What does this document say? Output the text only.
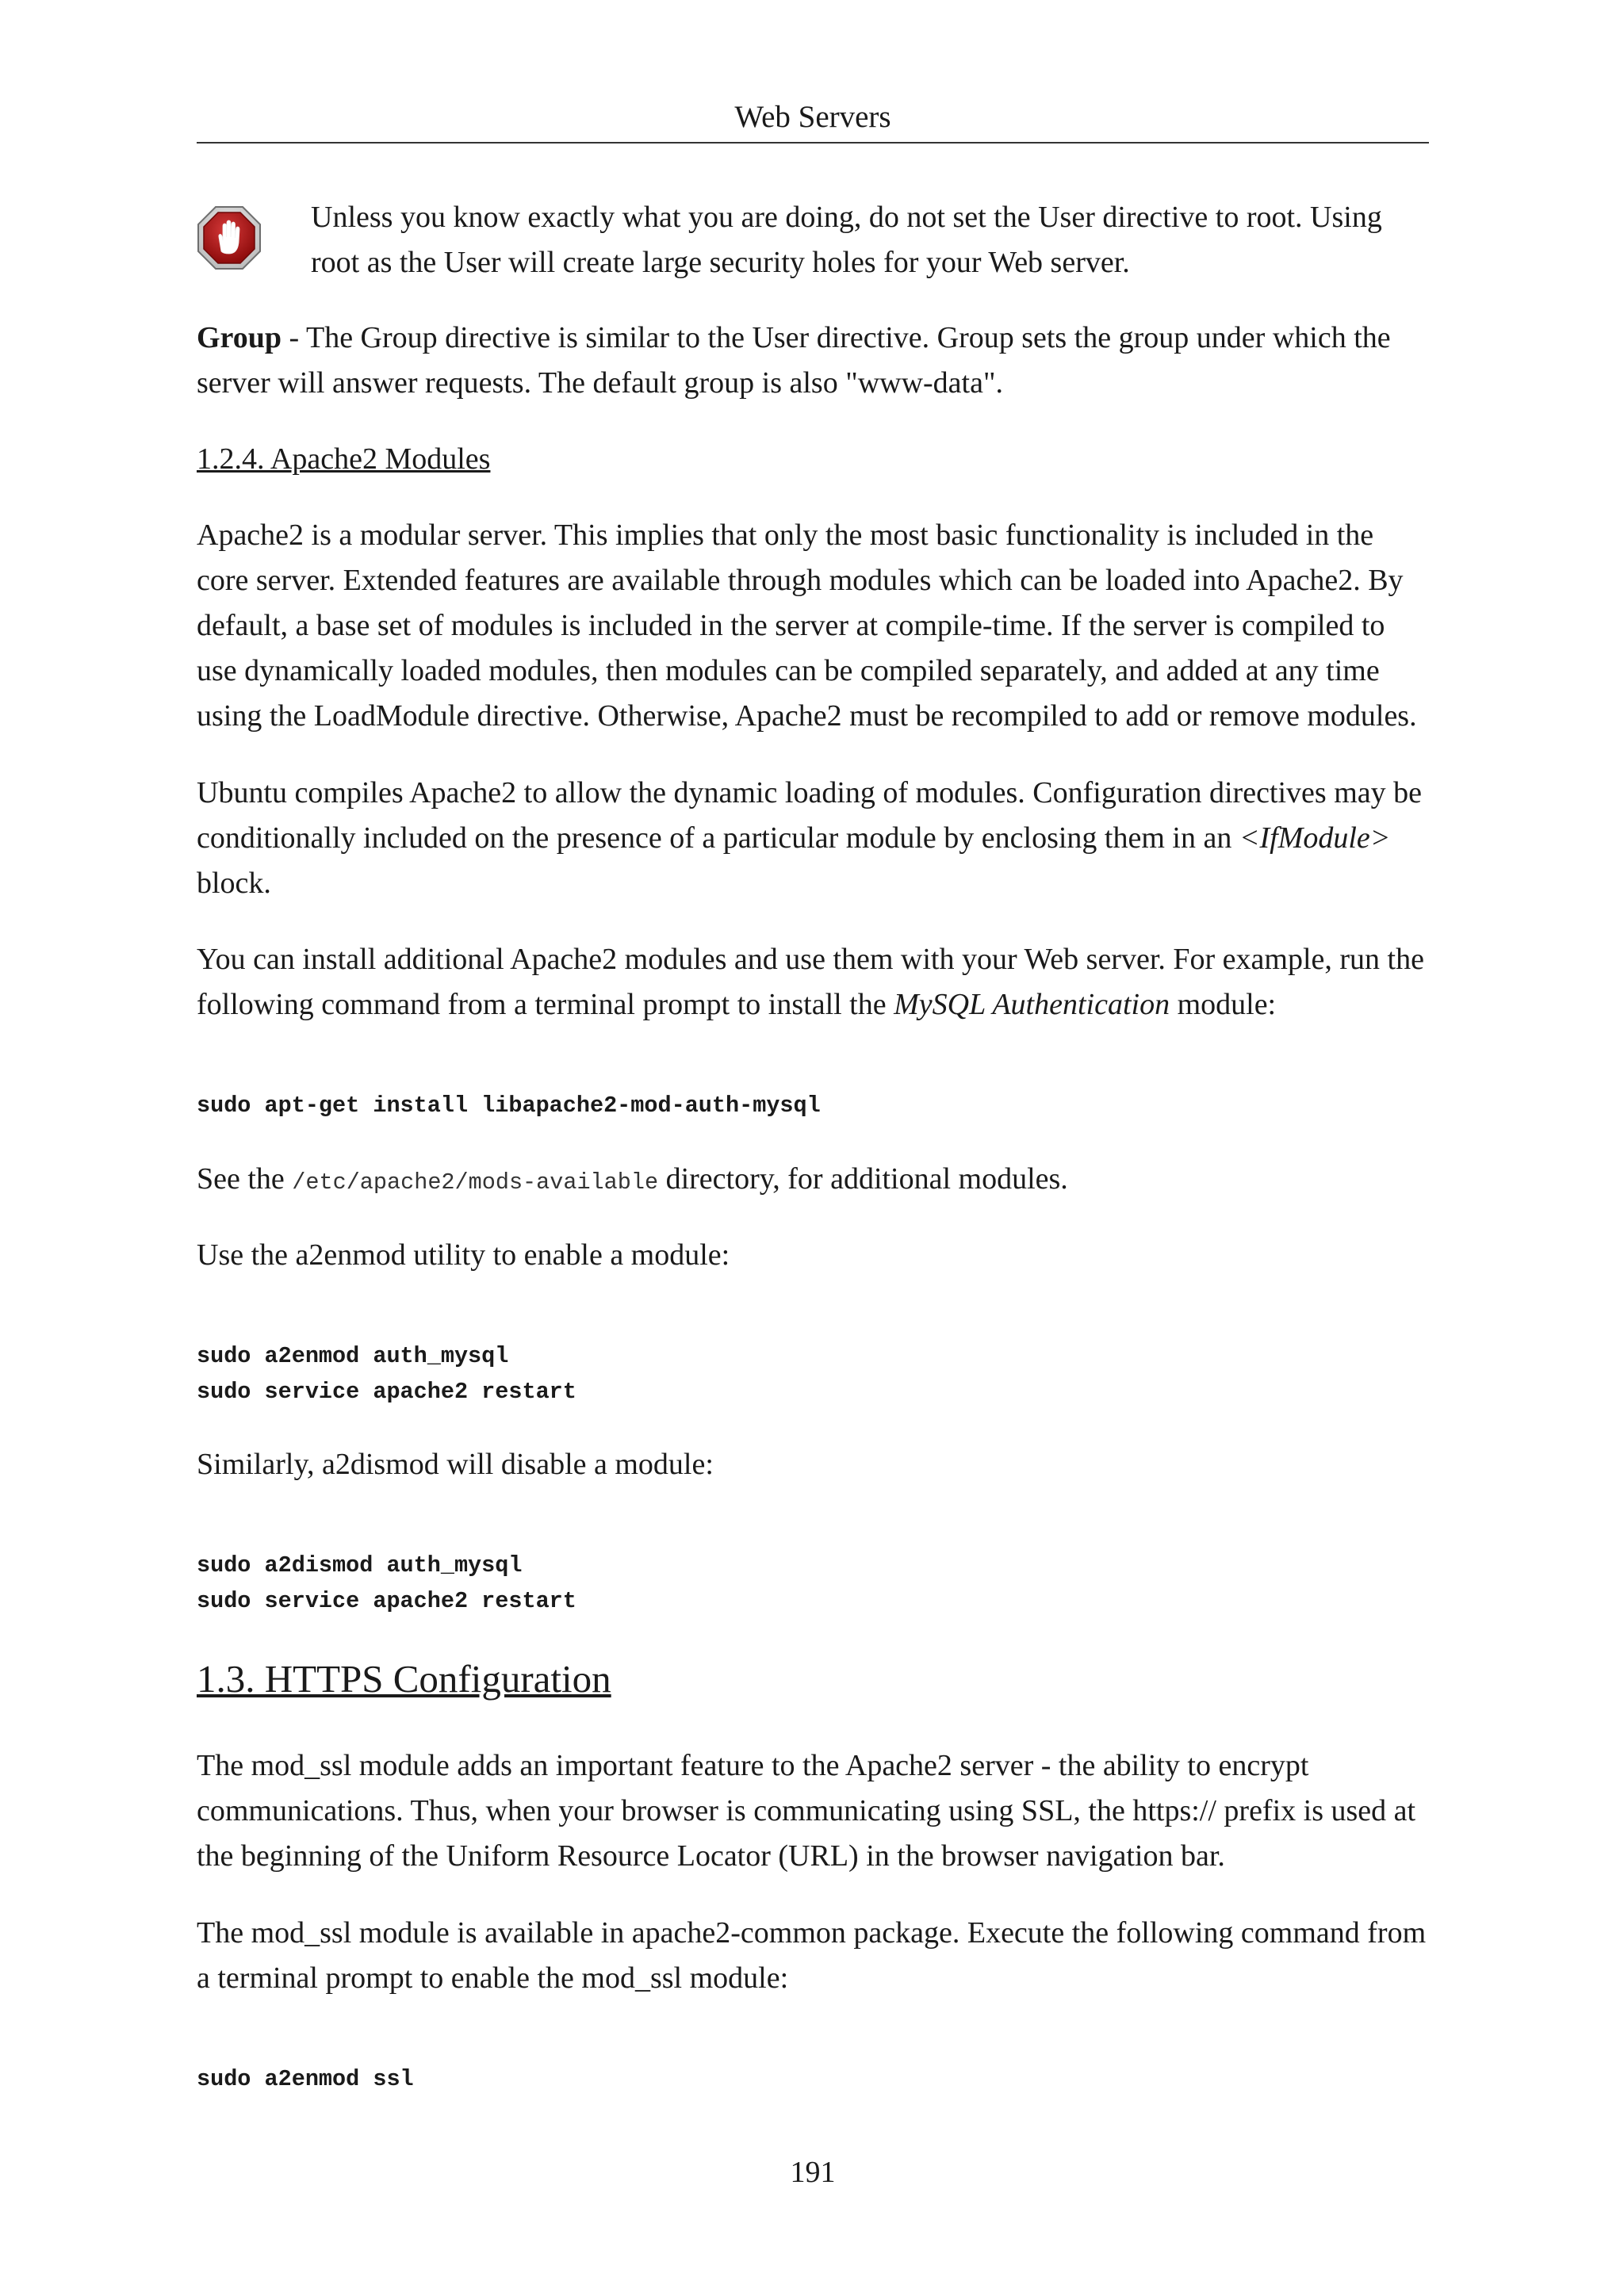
Web Servers

Unless you know exactly what you are doing, do not set the User directive to root. Using root as the User will create large security holes for your Web server.

Group - The Group directive is similar to the User directive. Group sets the group under which the server will answer requests. The default group is also "www-data".

1.2.4. Apache2 Modules

Apache2 is a modular server. This implies that only the most basic functionality is included in the core server. Extended features are available through modules which can be loaded into Apache2. By default, a base set of modules is included in the server at compile-time. If the server is compiled to use dynamically loaded modules, then modules can be compiled separately, and added at any time using the LoadModule directive. Otherwise, Apache2 must be recompiled to add or remove modules.

Ubuntu compiles Apache2 to allow the dynamic loading of modules. Configuration directives may be conditionally included on the presence of a particular module by enclosing them in an <IfModule> block.

You can install additional Apache2 modules and use them with your Web server. For example, run the following command from a terminal prompt to install the MySQL Authentication module:

sudo apt-get install libapache2-mod-auth-mysql

See the /etc/apache2/mods-available directory, for additional modules.

Use the a2enmod utility to enable a module:

sudo a2enmod auth_mysql
sudo service apache2 restart

Similarly, a2dismod will disable a module:

sudo a2dismod auth_mysql
sudo service apache2 restart
1.3. HTTPS Configuration

The mod_ssl module adds an important feature to the Apache2 server - the ability to encrypt communications. Thus, when your browser is communicating using SSL, the https:// prefix is used at the beginning of the Uniform Resource Locator (URL) in the browser navigation bar.

The mod_ssl module is available in apache2-common package. Execute the following command from a terminal prompt to enable the mod_ssl module:

sudo a2enmod ssl
191
